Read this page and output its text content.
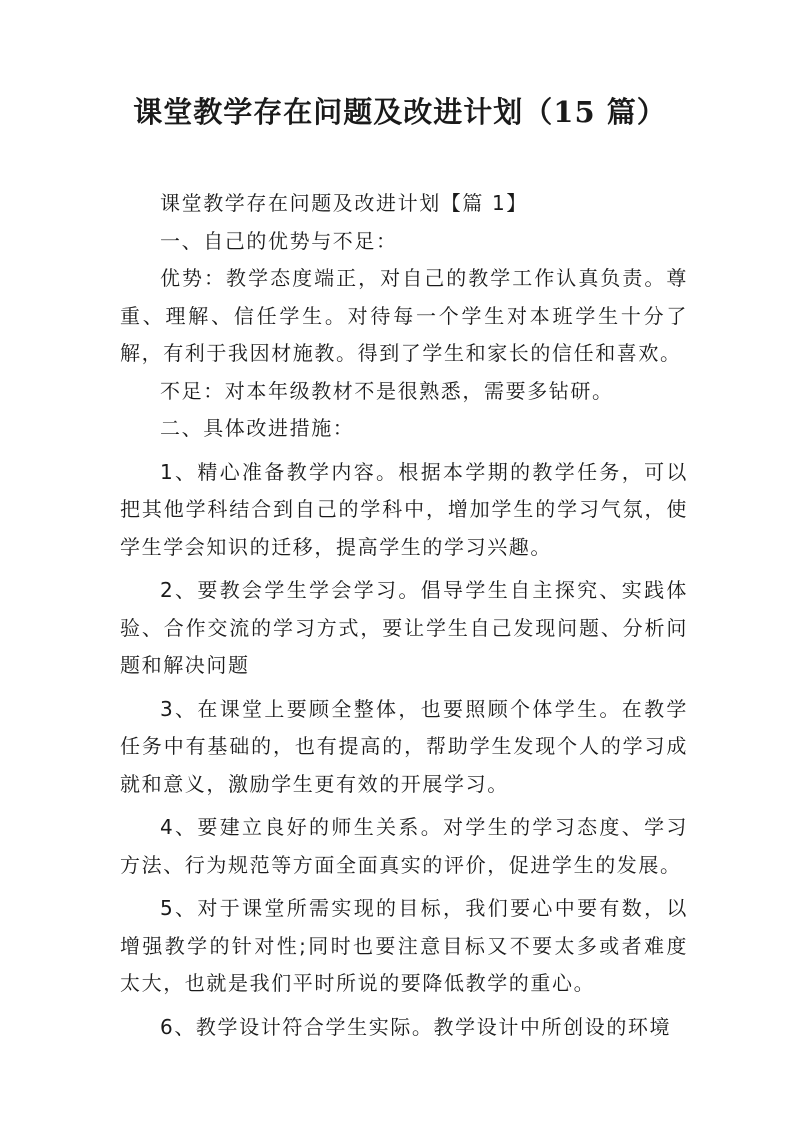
课堂教学存在问题及改进计划（15 篇）

课堂教学存在问题及改进计划【篇 1】

一、自己的优势与不足：

优势：教学态度端正，对自己的教学工作认真负责。尊重、理解、信任学生。对待每一个学生对本班学生十分了解，有利于我因材施教。得到了学生和家长的信任和喜欢。

不足：对本年级教材不是很熟悉，需要多钻研。

二、具体改进措施：

1、精心准备教学内容。根据本学期的教学任务，可以把其他学科结合到自己的学科中，增加学生的学习气氛，使学生学会知识的迁移，提高学生的学习兴趣。

2、要教会学生学会学习。倡导学生自主探究、实践体验、合作交流的学习方式，要让学生自己发现问题、分析问题和解决问题

3、在课堂上要顾全整体，也要照顾个体学生。在教学任务中有基础的，也有提高的，帮助学生发现个人的学习成就和意义，激励学生更有效的开展学习。

4、要建立良好的师生关系。对学生的学习态度、学习方法、行为规范等方面全面真实的评价，促进学生的发展。

5、对于课堂所需实现的目标，我们要心中要有数，以增强教学的针对性;同时也要注意目标又不要太多或者难度太大，也就是我们平时所说的要降低教学的重心。

6、教学设计符合学生实际。教学设计中所创设的环境
